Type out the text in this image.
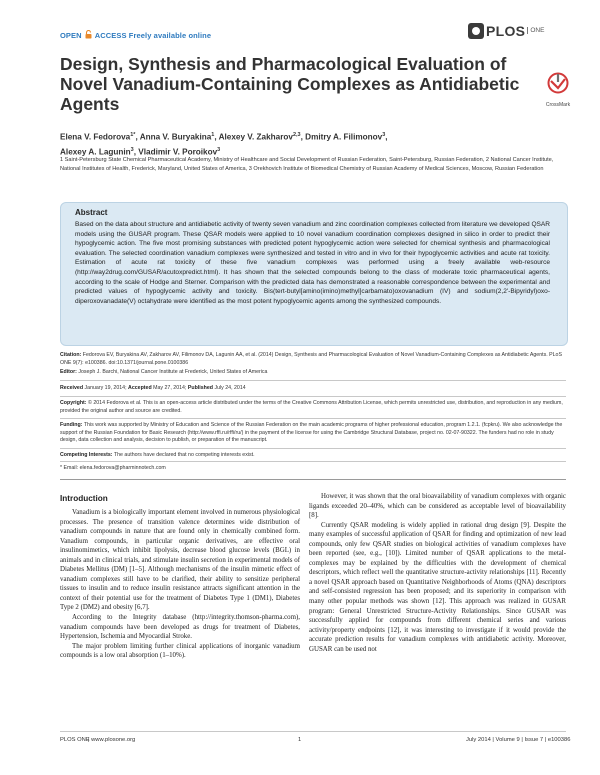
OPEN ACCESS Freely available online	PLOS ONE
Design, Synthesis and Pharmacological Evaluation of Novel Vanadium-Containing Complexes as Antidiabetic Agents	CrossMark
Elena V. Fedorova$^{1*}$, Anna V. Buryakina$^1$, Alexey V. Zakharov$^{2,3}$, Dmitry A. Filimonov$^3$,
Alexey A. Lagunin$^3$, Vladimir V. Poroikov$^3$
1 Saint-Petersburg State Chemical Pharmaceutical Academy, Ministry of Healthcare and Social Development of Russian Federation, Saint-Petersburg, Russian Federation, 2 National Cancer Institute, National Institutes of Health, Frederick, Maryland, United States of America, 3 Orekhovich Institute of Biomedical Chemistry of Russian Academy of Medical Sciences, Moscow, Russian Federation
Abstract
Based on the data about structure and antidiabetic activity of twenty seven vanadium and zinc coordination complexes collected from literature we developed QSAR models using the GUSAR program. These QSAR models were applied to 10 novel vanadium coordination complexes designed in silico in order to predict their hypoglycemic action. The five most promising substances with predicted potent hypoglycemic action were selected for chemical synthesis and pharmacological evaluation. The selected coordination vanadium complexes were synthesized and tested in vitro and in vivo for their hypoglycemic activities and acute rat toxicity. Estimation of acute rat toxicity of these five vanadium complexes was performed using a freely available web-resource (http://way2drug.com/GUSAR/acutoxpredict.html). It has shown that the selected compounds belong to the class of moderate toxic pharmaceutical agents, according to the scale of Hodge and Sterner. Comparison with the predicted data has demonstrated a reasonable correspondence between the experimental and predicted values of hypoglycemic activity and toxicity. Bis(tert-butyl[amino(imino)methyl]carbamato)oxovanadium (IV) and sodium(2,2'-Bipyridyl)oxo-diperoxovanadate(V) octahydrate were identified as the most potent hypoglycemic agents among the synthesized compounds.
Citation: Fedorova EV, Buryakina AV, Zakharov AV, Filimonov DA, Lagunin AA, et al. (2014) Design, Synthesis and Pharmacological Evaluation of Novel Vanadium-Containing Complexes as Antidiabetic Agents. PLoS ONE 9(7): e100386. doi:10.1371/journal.pone.0100386
Editor: Joseph J. Barchi, National Cancer Institute at Frederick, United States of America
Received January 19, 2014; Accepted May 27, 2014; Published July 24, 2014
Copyright: © 2014 Fedorova et al. This is an open-access article distributed under the terms of the Creative Commons Attribution License, which permits unrestricted use, distribution, and reproduction in any medium, provided the original author and source are credited.
Funding: This work was supported by Ministry of Education and Science of the Russian Federation on the main academic programs of higher professional education, program 1.2.1. (fcpkru). We also acknowledge the support of the Russian Foundation for Basic Research (http://www.rffi.ru/rffi/ru/) in the payment of the license for using the Cambridge Structural Database, project no. 02-07-90322. The funders had no role in study design, data collection and analysis, decision to publish, or preparation of the manuscript.
Competing Interests: The authors have declared that no competing interests exist.
* Email: elena.fedorova@pharminnotech.com
Introduction

Vanadium is a biologically important element involved in numerous physiological processes. The presence of transition valence determines wide distribution of vanadium compounds in nature that are found only in chemically combined form. Vanadium compounds, in particular organic derivatives, are effective oral insulinomimetics, which inhibit lipolysis, decrease blood glucose levels (BGL) in animals and in clinical trials, and stimulate insulin secretion in experimental models of Diabetes Mellitus (DM) [1–5]. Although mechanisms of the insulin mimetic effect of vanadium complexes still have to be clarified, their ability to sensitize peripheral tissues to insulin and to reduce insulin resistance attracts significant attention in the context of their potential use for the treatment of Diabetes Type 1 (DM1), Diabetes Type 2 (DM2) and obesity [6,7].

According to the Integrity database (http://integrity.thomson-pharma.com), vanadium compounds have been developed as drugs for treatment of Diabetes, Hypertension, Ischemia and Myocardial Stroke.

The major problem limiting further clinical applications of inorganic vanadium compounds is a low oral absorption (1–10%).

However, it was shown that the oral bioavailability of vanadium complexes with organic ligands exceeded 20–40%, which can be considered as acceptable level of bioavailability [8].

Currently QSAR modeling is widely applied in rational drug design [9]. Despite the many examples of successful application of QSAR for finding and optimization of new lead compounds, only few QSAR studies on biological activities of vanadium complexes have been reported (see, e.g., [10]). Limited number of QSAR applications to the metal-complexes may be explained by the difficulties with the development of chemical descriptors, which reflect well the quantitative structure-activity relationships [11]. Recently a novel QSAR approach based on Quantitative Neighborhoods of Atoms (QNA) descriptors and self-consisted regression has been proposed; and its superiority in comparison with many other popular methods was shown [12]. This approach was realized in GUSAR program: General Unrestricted Structure-Activity Relationships. Since GUSAR was successfully applied for compounds from different chemical series and various activity/property endpoints [12], it was interesting to investigate if it would provide the accurate prediction results for vanadium complexes with antidiabetic activity. Moreover, GUSAR can be used not

PLOS ONE
| www.plosone.org	1	July 2014 | Volume 9 | Issue 7 | e100386
